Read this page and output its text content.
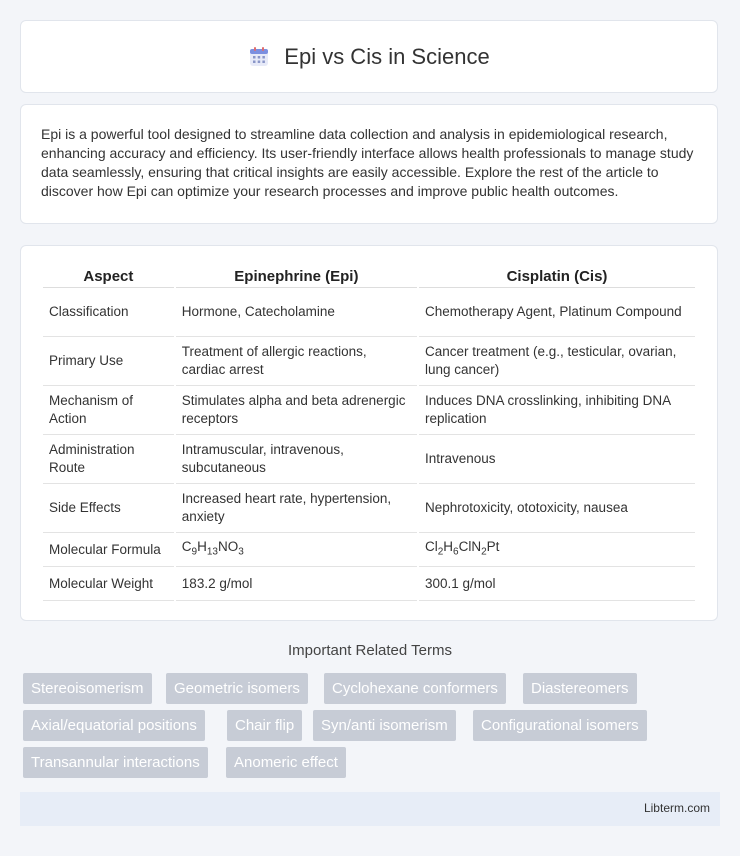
Epi vs Cis in Science

Epi is a powerful tool designed to streamline data collection and analysis in epidemiological research, enhancing accuracy and efficiency. Its user-friendly interface allows health professionals to manage study data seamlessly, ensuring that critical insights are easily accessible. Explore the rest of the article to discover how Epi can optimize your research processes and improve public health outcomes.

Aspect	Epinephrine (Epi)	Cisplatin (Cis)
Classification	Hormone, Catecholamine	Chemotherapy Agent, Platinum Compound
Primary Use	Treatment of allergic reactions, cardiac arrest	Cancer treatment (e.g., testicular, ovarian, lung cancer)
Mechanism of Action	Stimulates alpha and beta adrenergic receptors	Induces DNA crosslinking, inhibiting DNA replication
Administration Route	Intramuscular, intravenous, subcutaneous	Intravenous
Side Effects	Increased heart rate, hypertension, anxiety	Nephrotoxicity, ototoxicity, nausea
Molecular Formula	$C_9H_{13}NO_3$	$Cl_2H_6ClN_2Pt$
Molecular Weight	183.2 g/mol	300.1 g/mol
Important Related Terms
Stereoisomerism	Geometric isomers	Cyclohexane conformers	Diastereomers
Axial/equatorial positions	Chair flip	Syn/anti isomerism	Configurational isomers
Transannular interactions	Anomeric effect
Libterm.com
